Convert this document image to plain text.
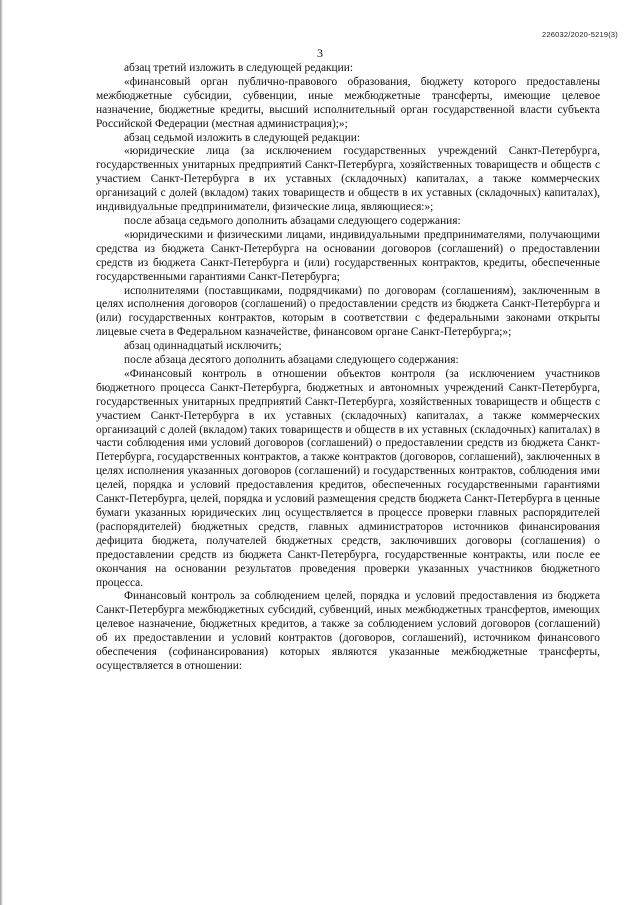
226032/2020-5219(3)
3

абзац третий изложить в следующей редакции:

«финансовый орган публично-правового образования, бюджету которого предоставлены межбюджетные субсидии, субвенции, иные межбюджетные трансферты, имеющие целевое назначение, бюджетные кредиты, высший исполнительный орган государственной власти субъекта Российской Федерации (местная администрация);»;

абзац седьмой изложить в следующей редакции:

«юридические лица (за исключением государственных учреждений Санкт-Петербурга, государственных унитарных предприятий Санкт-Петербурга, хозяйственных товариществ и обществ с участием Санкт-Петербурга в их уставных (складочных) капиталах, а также коммерческих организаций с долей (вкладом) таких товариществ и обществ в их уставных (складочных) капиталах), индивидуальные предприниматели, физические лица, являющиеся:»;

после абзаца седьмого дополнить абзацами следующего содержания:

«юридическими и физическими лицами, индивидуальными предпринимателями, получающими средства из бюджета Санкт-Петербурга на основании договоров (соглашений) о предоставлении средств из бюджета Санкт-Петербурга и (или) государственных контрактов, кредиты, обеспеченные государственными гарантиями Санкт-Петербурга;

исполнителями (поставщиками, подрядчиками) по договорам (соглашениям), заключенным в целях исполнения договоров (соглашений) о предоставлении средств из бюджета Санкт-Петербурга и (или) государственных контрактов, которым в соответствии с федеральными законами открыты лицевые счета в Федеральном казначействе, финансовом органе Санкт-Петербурга;»;

абзац одиннадцатый исключить;

после абзаца десятого дополнить абзацами следующего содержания:

«Финансовый контроль в отношении объектов контроля (за исключением участников бюджетного процесса Санкт-Петербурга, бюджетных и автономных учреждений Санкт-Петербурга, государственных унитарных предприятий Санкт-Петербурга, хозяйственных товариществ и обществ с участием Санкт-Петербурга в их уставных (складочных) капиталах, а также коммерческих организаций с долей (вкладом) таких товариществ и обществ в их уставных (складочных) капиталах) в части соблюдения ими условий договоров (соглашений) о предоставлении средств из бюджета Санкт-Петербурга, государственных контрактов, а также контрактов (договоров, соглашений), заключенных в целях исполнения указанных договоров (соглашений) и государственных контрактов, соблюдения ими целей, порядка и условий предоставления кредитов, обеспеченных государственными гарантиями Санкт-Петербурга, целей, порядка и условий размещения средств бюджета Санкт-Петербурга в ценные бумаги указанных юридических лиц осуществляется в процессе проверки главных распорядителей (распорядителей) бюджетных средств, главных администраторов источников финансирования дефицита бюджета, получателей бюджетных средств, заключивших договоры (соглашения) о предоставлении средств из бюджета Санкт-Петербурга, государственные контракты, или после ее окончания на основании результатов проведения проверки указанных участников бюджетного процесса.

Финансовый контроль за соблюдением целей, порядка и условий предоставления из бюджета Санкт-Петербурга межбюджетных субсидий, субвенций, иных межбюджетных трансфертов, имеющих целевое назначение, бюджетных кредитов, а также за соблюдением условий договоров (соглашений) об их предоставлении и условий контрактов (договоров, соглашений), источником финансового обеспечения (софинансирования) которых являются указанные межбюджетные трансферты, осуществляется в отношении:
